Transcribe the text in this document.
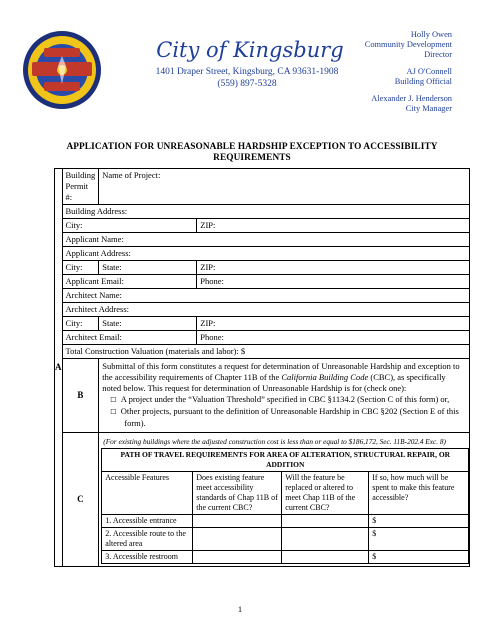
City of Kingsburg
1401 Draper Street, Kingsburg, CA 93631-1908
(559) 897-5328
Holly Owen
Community Development
Director
AJ O'Connell
Building Official
Alexander J. Henderson
City Manager
APPLICATION FOR UNREASONABLE HARDSHIP EXCEPTION TO ACCESSIBILITY REQUIREMENTS
A	Building Permit #:	Name of Project:
Building Address:
City:	ZIP:
Applicant Name:
Applicant Address:
City:	State:	ZIP:
Applicant Email:	Phone:
Architect Name:
Architect Address:
City:	State:	ZIP:
Architect Email:	Phone:
Total Construction Valuation (materials and labor): $
B	
Submittal of this form constitutes a request for determination of Unreasonable Hardship and exception to the accessibility requirements of Chapter 11B of the California Building Code (CBC), as specifically noted below. This request for determination of Unreasonable Hardship is for (check one):
☐ A project under the “Valuation Threshold” specified in CBC §1134.2 (Section C of this form) or,
☐ Other projects, pursuant to the definition of Unreasonable Hardship in CBC §202 (Section E of this form).

C	
(For existing buildings where the adjusted construction cost is less than or equal to $186,172, Sec. 11B-202.4 Exc. 8)
PATH OF TRAVEL REQUIREMENTS FOR AREA OF ALTERATION, STRUCTURAL REPAIR, OR ADDITION
Accessible Features	Does existing feature meet accessibility standards of Chap 11B of the current CBC?	Will the feature be replaced or altered to meet Chap 11B of the current CBC?	If so, how much will be spent to make this feature accessible?
1. Accessible entrance			$
2. Accessible route to the altered area			$
3. Accessible restroom			$
1
